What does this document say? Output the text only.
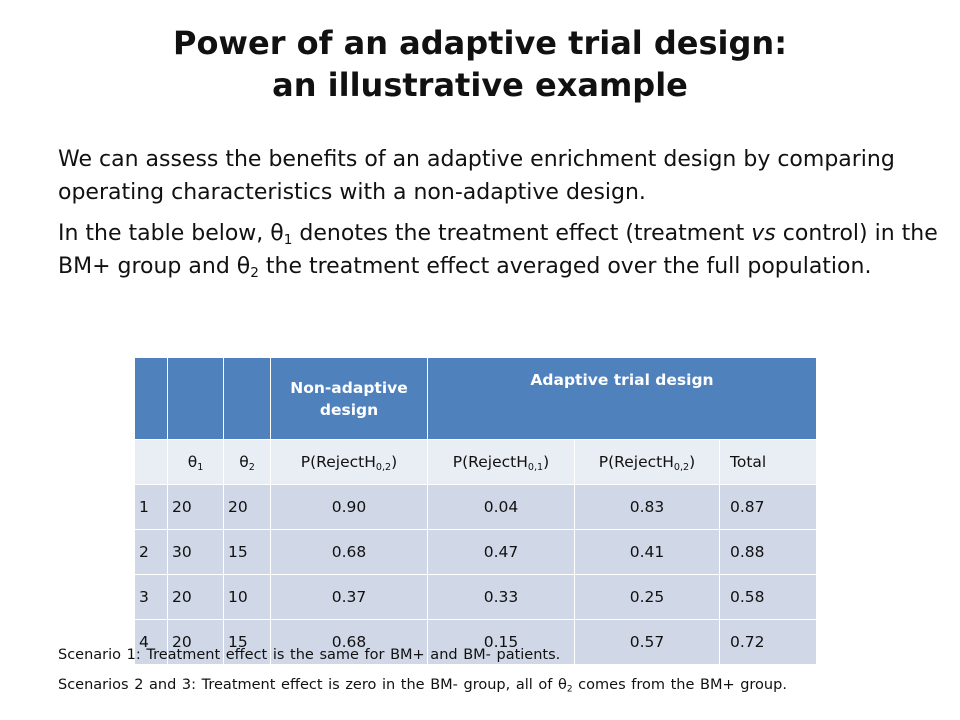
Power of an adaptive trial design:
an illustrative example

We can assess the benefits of an adaptive enrichment design by comparing operating characteristics with a non-adaptive design.

In the table below, $\theta_1$ denotes the treatment effect (treatment vs control) in the BM+ group and $\theta_2$ the treatment effect averaged over the full population.

			Non-adaptive design	Adaptive trial design		
	$\theta_1$	$\theta_2$	P(RejectH$_{0,2}$)	P(RejectH$_{0,1}$)	P(RejectH$_{0,2}$)	Total
1	20	20	0.90	0.04	0.83	0.87
2	30	15	0.68	0.47	0.41	0.88
3	20	10	0.37	0.33	0.25	0.58
4	20	15	0.68	0.15	0.57	0.72

Scenario 1: Treatment effect is the same for BM+ and BM- patients.

Scenarios 2 and 3: Treatment effect is zero in the BM- group, all of $\theta_2$ comes from the BM+ group.
